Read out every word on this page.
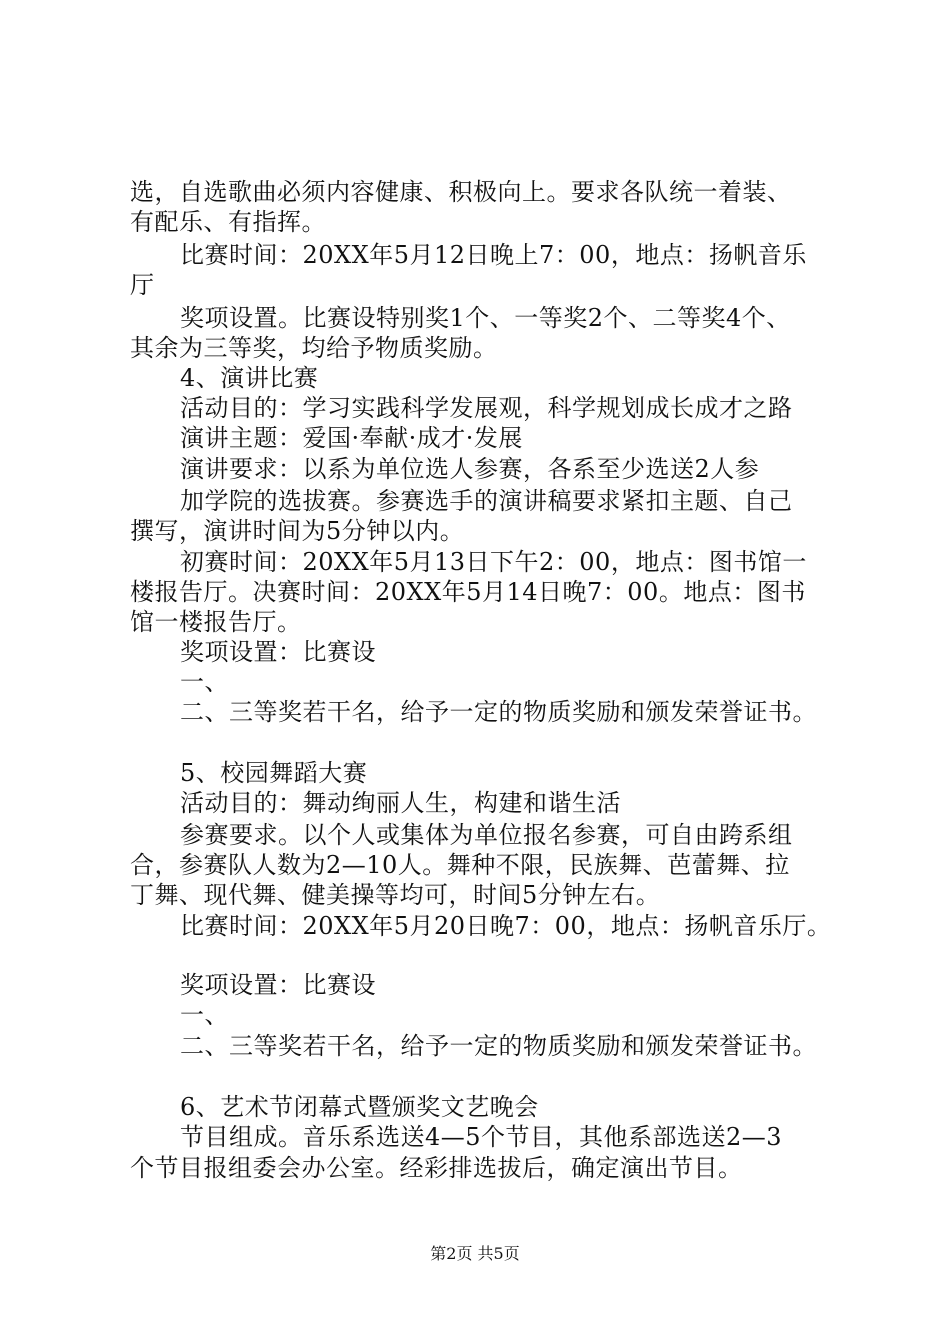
选，自选歌曲必须内容健康、积极向上。要求各队统一着装、
有配乐、有指挥。
比赛时间：20XX年5月12日晚上7：00，地点：扬帆音乐
厅
奖项设置。比赛设特别奖1个、一等奖2个、二等奖4个、
其余为三等奖，均给予物质奖励。
4、演讲比赛
活动目的：学习实践科学发展观，科学规划成长成才之路
演讲主题：爱国·奉献·成才·发展
演讲要求：以系为单位选人参赛，各系至少选送2人参
加学院的选拔赛。参赛选手的演讲稿要求紧扣主题、自己
撰写，演讲时间为5分钟以内。
初赛时间：20XX年5月13日下午2：00，地点：图书馆一
楼报告厅。决赛时间：20XX年5月14日晚7：00。地点：图书
馆一楼报告厅。
奖项设置：比赛设
一、
二、三等奖若干名，给予一定的物质奖励和颁发荣誉证书。
5、校园舞蹈大赛
活动目的：舞动绚丽人生，构建和谐生活
参赛要求。以个人或集体为单位报名参赛，可自由跨系组
合，参赛队人数为2—10人。舞种不限，民族舞、芭蕾舞、拉
丁舞、现代舞、健美操等均可，时间5分钟左右。
比赛时间：20XX年5月20日晚7：00，地点：扬帆音乐厅。
奖项设置：比赛设
一、
二、三等奖若干名，给予一定的物质奖励和颁发荣誉证书。
6、艺术节闭幕式暨颁奖文艺晚会
节目组成。音乐系选送4—5个节目，其他系部选送2—3
个节目报组委会办公室。经彩排选拔后，确定演出节目。
第2页 共5页
